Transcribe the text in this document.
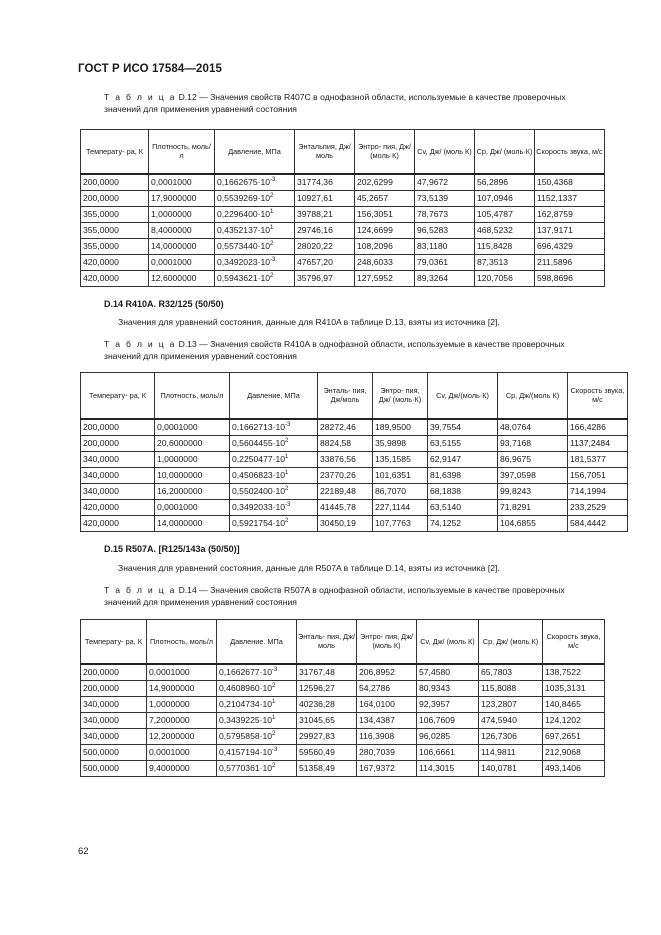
ГОСТ Р ИСО 17584—2015
Т а б л и ц а D.12 — Значения свойств R407C в однофазной области, используемые в качестве проверочных значений для применения уравнений состояния
Температу- ра, К	Плотность, моль/л	Давление, МПа	Энтальпия, Дж/моль	Энтро- пия, Дж/ (моль·К)	Cv, Дж/ (моль К)	Cp, Дж/ (моль·К)	Скорость звука, м/с
200,0000	0,0001000	$0,1662675\cdot 10^{-3}$	31774,36	202,6299	47,9672	56,2896	150,4368
200,0000	17,9000000	$0,5539269\cdot 10^2$	10927,61	45,2657	73,5139	107,0946	1152,1337
355,0000	1,0000000	$0,2296400\cdot 10^1$	39788,21	156,3051	78,7673	105,4787	162,8759
355,0000	8,4000000	$0,4352137\cdot 10^1$	29746,16	124,6699	96,5283	468,5232	137,9171
355,0000	14,0000000	$0,5573440\cdot 10^2$	28020,22	108,2096	83,1180	115,8428	696,4329
420,0000	0,0001000	$0,3492023\cdot 10^{-3}$	47657,20	248,6033	79,0361	87,3513	211,5896
420,0000	12,6000000	$0,5943621\cdot 10^2$	35796,97	127,5952	89,3264	120,7056	598,8696
D.14 R410A. R32/125 (50/50)
Значения для уравнений состояния, данные для R410A в таблице D.13, взяты из источника [2].
Т а б л и ц а D.13 — Значения свойств R410A в однофазной области, используемые в качестве проверочных значений для применения уравнений состояния
Температу- ра, К	Плотность, моль/л	Давление, МПа	Энталь- пия, Дж/моль	Энтро- пия, Дж/ (моль·К)	Cv, Дж/(моль·К)	Cp, Дж/(моль К)	Скорость звука, м/с
200,0000	0,0001000	$0,1662713\cdot 10^{-3}$	28272,46	189,9500	39,7554	48,0764	166,4286
200,0000	20,6000000	$0,5604455\cdot 10^2$	8824,58	35,9898	63,5155	93,7168	1137,2484
340,0000	1,0000000	$0,2250477\cdot 10^1$	33876,56	135,1585	62,9147	86,9675	181,5377
340,0000	10,0000000	$0,4506823\cdot 10^1$	23770,26	101,6351	81,6398	397,0598	156,7051
340,0000	16,2000000	$0,5502400\cdot 10^2$	22189,48	86,7070	68,1838	99,8243	714,1994
420,0000	0,0001000	$0,3492033\cdot 10^{-3}$	41445,78	227,1144	63,5140	71,8291	233,2529
420,0000	14,0000000	$0,5921754\cdot 10^2$	30450,19	107,7763	74,1252	104,6855	584,4442
D.15 R507A. [R125/143a (50/50)]
Значения для уравнений состояния, данные для R507A в таблице D.14, взяты из источника [2].
Т а б л и ц а D.14 — Значения свойств R507A в однофазной области, используемые в качестве проверочных значений для применения уравнений состояния
Температу- ра, К	Плотность, моль/л	Давление. МПа	Энталь- пия, Дж/моль	Энтро- пия, Дж/ (моль К)	Cv, Дж/ (моль К)	Cp, Дж/ (моль К)	Скорость звука, м/с
200,0000	0,0001000	$0,1662677\cdot 10^{-3}$	31767,48	206,8952	57,4580	65,7803	138,7522
200,0000	14,9000000	$0,4608960\cdot 10^2$	12596,27	54,2786	80,9343	115,8088	1035,3131
340,0000	1,0000000	$0,2104734\cdot 10^1$	40236,28	164,0100	92,3957	123,2807	140,8465
340,0000	7,2000000	$0,3439225\cdot 10^1$	31045,65	134,4387	106,7609	474,5940	124,1202
340,0000	12,2000000	$0,5795858\cdot 10^2$	29927,83	116,3908	96,0285	126,7306	697,2651
500,0000	0,0001000	$0,4157194\cdot 10^{-3}$	59560,49	280,7039	106,6661	114,9811	212,9068
500,0000	9,4000000	$0,5770361\cdot 10^2$	51358,49	167,9372	114,3015	140,0781	493,1406
62
